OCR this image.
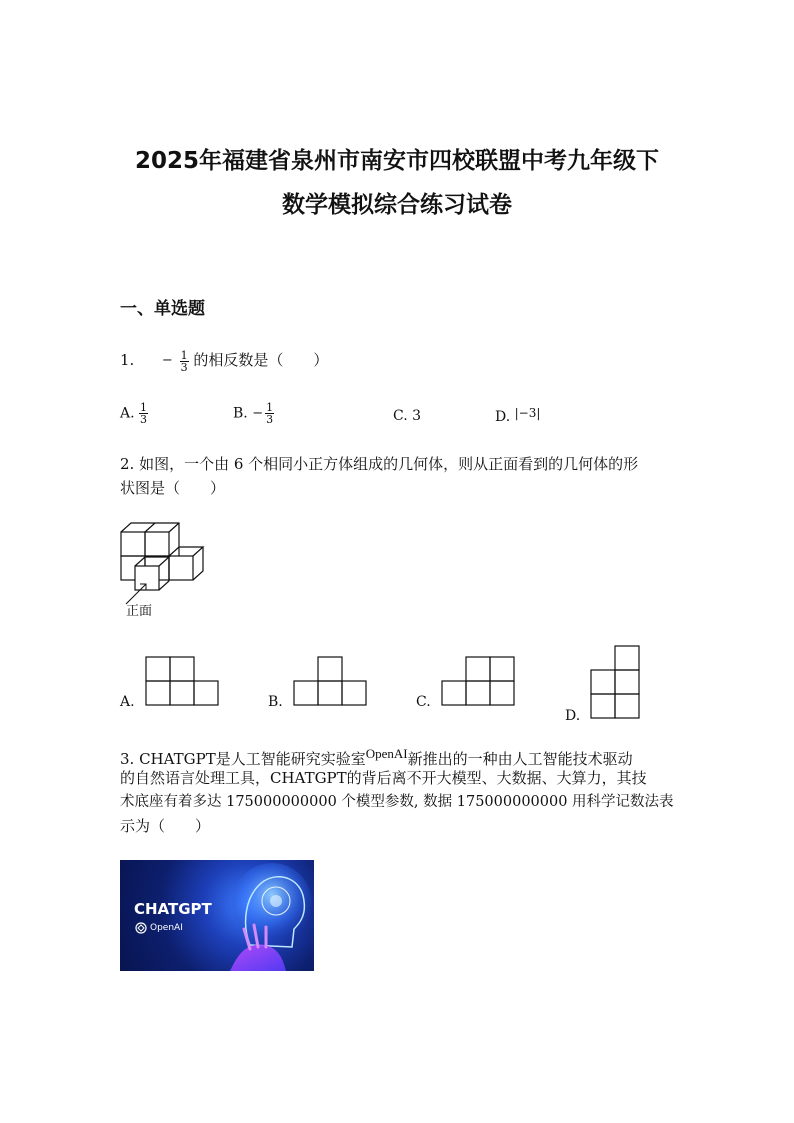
2025年福建省泉州市南安市四校联盟中考九年级下
数学模拟综合练习试卷
一、单选题
1. − $\frac{1}{3}$ 的相反数是（　　）
A. $\frac{1}{3}$	B. − $\frac{1}{3}$	C. 3	D. |−3|
2. 如图，一个由 6 个相同小正方体组成的几何体，则从正面看到的几何体的形
状图是（　　）
正面
A.	B.	C.
D.
3. CHATGPT是人工智能研究实验室OpenAI新推出的一种由人工智能技术驱动
的自然语言处理工具，CHATGPT的背后离不开大模型、大数据、大算力，其技
术底座有着多达 175000000000 个模型参数, 数据 175000000000 用科学记数法表
示为（　　）
CHATGPT
OpenAI
